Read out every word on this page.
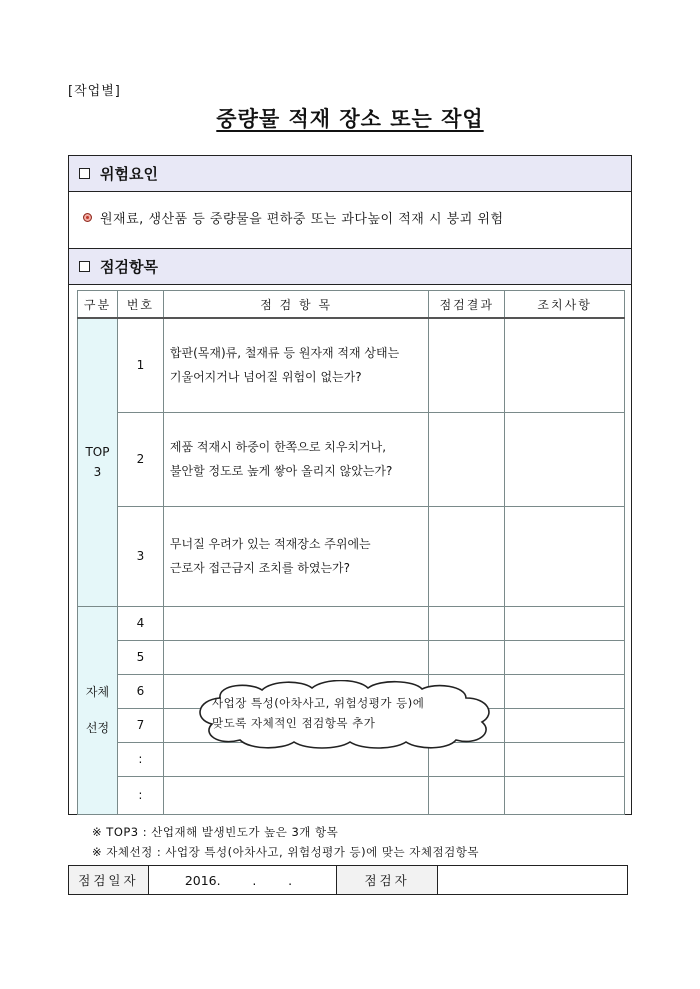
[작업별]
중량물 적재 장소 또는 작업
위험요인
원재료, 생산품 등 중량물을 편하중 또는 과다높이 적재 시 붕괴 위험
점검항목
구분	번호	점 검 항 목	점검결과	조치사항
TOP 3	1	합판(목재)류, 철재류 등 원자재 적재 상태는
기울어지거나 넘어질 위험이 없는가?		

	2	제품 적재시 하중이 한쪽으로 치우치거나,
불안할 정도로 높게 쌓아 올리지 않았는가?		

	3	무너질 우려가 있는 적재장소 주위에는
근로자 접근금지 조치를 하였는가?		

자체
선정	4			
	5			
	6			
	7			
	:			
	:			
사업장 특성(아차사고, 위험성평가 등)에
맞도록 자체적인 점검항목 추가
※ TOP3 : 산업재해 발생빈도가 높은 3개 항목
※ 자체선정 : 사업장 특성(아차사고, 위험성평가 등)에 맞는 자체점검항목
점검일자	2016.        .        .	점검자	
